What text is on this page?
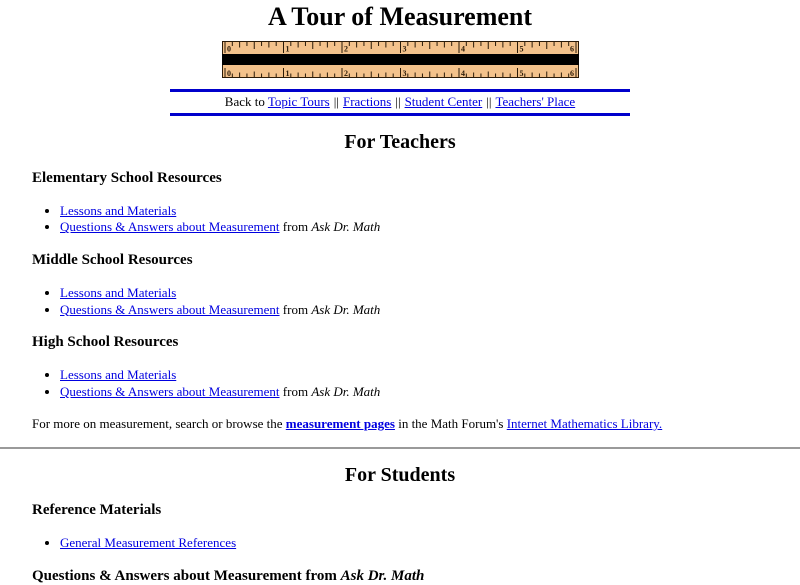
A Tour of Measurement
0
0
1
1
2
2
3
3
4
4
5
5
6
6
Back to Topic Tours || Fractions || Student Center || Teachers' Place
For Teachers
Elementary School Resources
• Lessons and Materials
• Questions & Answers about Measurement from Ask Dr. Math
Middle School Resources
• Lessons and Materials
• Questions & Answers about Measurement from Ask Dr. Math
High School Resources
• Lessons and Materials
• Questions & Answers about Measurement from Ask Dr. Math

For more on measurement, search or browse the measurement pages in the Math Forum's Internet Mathematics Library.

For Students
Reference Materials
• General Measurement References
Questions & Answers about Measurement from Ask Dr. Math
